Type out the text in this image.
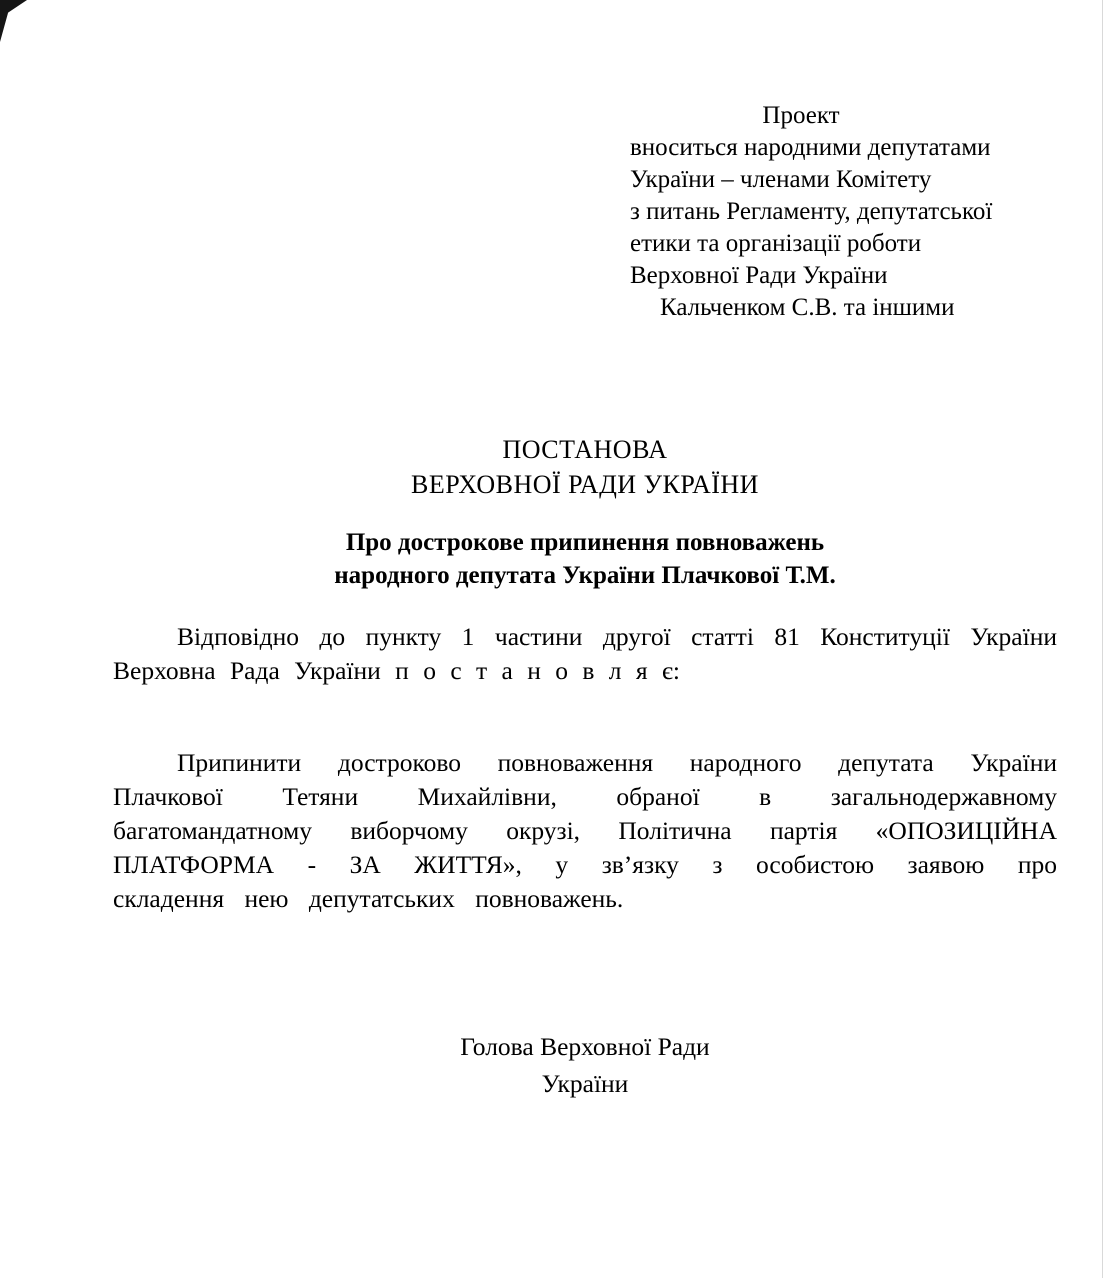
Проект
вноситься народними депутатами
України – членами Комітету
з питань Регламенту, депутатської
етики та організації роботи
Верховної Ради України
Кальченком С.В. та іншими
ПОСТАНОВА
ВЕРХОВНОЇ РАДИ УКРАЇНИ
Про дострокове припинення повноважень
народного депутата України Плачкової Т.М.

Відповідно до пункту 1 частини другої статті 81 Конституції України Верховна Рада України п о с т а н о в л я є:

Припинити достроково повноваження народного депутата України Плачкової Тетяни Михайлівни, обраної в загальнодержавному багатомандатному виборчому окрузі, Політична партія «ОПОЗИЦІЙНА ПЛАТФОРМА - ЗА ЖИТТЯ», у зв’язку з особистою заявою про складення нею депутатських повноважень.

Голова Верховної Ради
України
